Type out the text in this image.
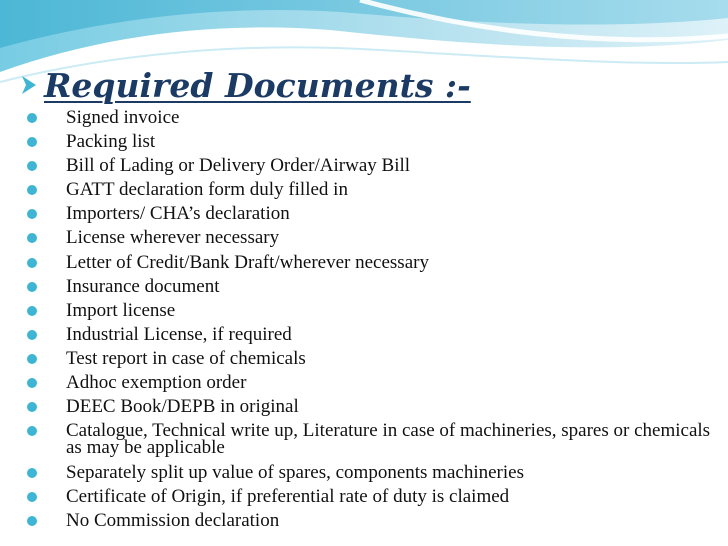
Required Documents :-
Signed invoice
Packing list
Bill of Lading or Delivery Order/Airway Bill
GATT declaration form duly filled in
Importers/ CHA’s declaration
License wherever necessary
Letter of Credit/Bank Draft/wherever necessary
Insurance document
Import license
Industrial License, if required
Test report in case of chemicals
Adhoc exemption order
DEEC Book/DEPB in original
Catalogue, Technical write up, Literature in case of machineries, spares or chemicals as may be applicable
Separately split up value of spares, components machineries
Certificate of Origin, if preferential rate of duty is claimed
No Commission declaration
